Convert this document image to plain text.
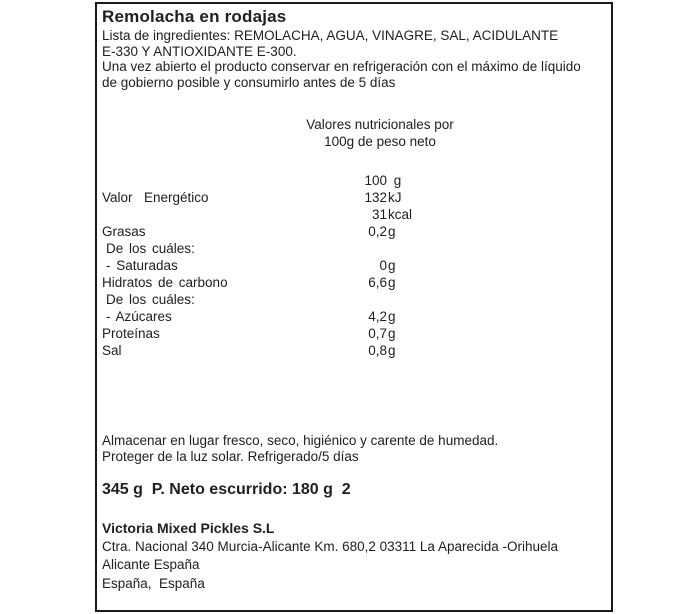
Remolacha en rodajas
Lista de ingredientes: REMOLACHA, AGUA, VINAGRE, SAL, ACIDULANTE
E-330 Y ANTIOXIDANTE E-300.
Una vez abierto el producto conservar en refrigeración con el máximo de líquido
de gobierno posible y consumirlo antes de 5 días
Valores nutricionales por
100g de peso neto
100 g
Valor  Energético	132kJ
31kcal
Grasas	0,2g
De los cuáles:
- Saturadas	0g
Hidratos de carbono	6,6g
De los cuáles:
- Azúcares	4,2g
Proteínas	0,7g
Sal	0,8g
Almacenar en lugar fresco, seco, higiénico y carente de humedad.
Proteger de la luz solar. Refrigerado/5 días
345 g  P. Neto escurrido: 180 g  2
Victoria Mixed Pickles S.L
Ctra. Nacional 340 Murcia-Alicante Km. 680,2 03311 La Aparecida -Orihuela
Alicante España
España,  España
